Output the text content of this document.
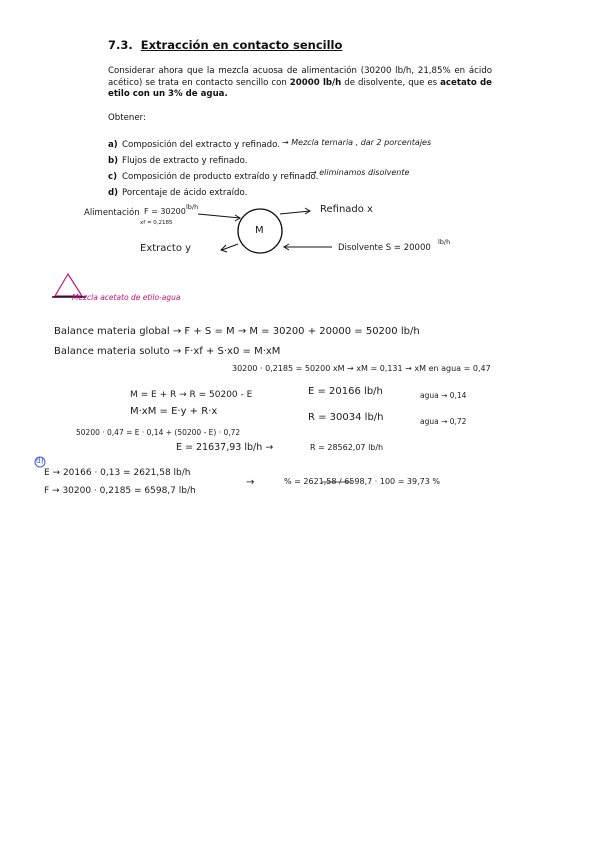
7.3. Extracción en contacto sencillo
Considerar ahora que la mezcla acuosa de alimentación (30200 lb/h, 21,85% en ácido acético) se trata en contacto sencillo con 20000 lb/h de disolvente, que es acetato de etilo con un 3% de agua.
Obtener:
a) Composición del extracto y refinado.
b) Flujos de extracto y refinado.
c) Composición de producto extraído y refinado.
d) Porcentaje de ácido extraído.
→ Mezcla ternaria , dar 2 porcentajes
→ eliminamos disolvente
Alimentación F = 30200 lb/h
xf = 0,2185
M
Refinado x
Extracto y	Disolvente S = 20000
lb/h
Mezcla acetato de etilo-agua
Balance materia global → F + S = M → M = 30200 + 20000 = 50200 lb/h
Balance materia soluto → F·xf + S·x0 = M·xM
30200 · 0,2185 = 50200 xM → xM = 0,131 → xM en agua = 0,47
M = E + R → R = 50200 - E	E = 20166 lb/h	agua → 0,14
M·xM = E·y + R·x
R = 30034 lb/h	agua → 0,72
50200 · 0,47 = E · 0,14 + (50200 - E) · 0,72
E = 21637,93 lb/h →	R = 28562,07 lb/h
d)
E → 20166 · 0,13 = 2621,58 lb/h
F → 30200 · 0,2185 = 6598,7 lb/h
→	% = 2621,58 / 6598,7 · 100 = 39,73 %
